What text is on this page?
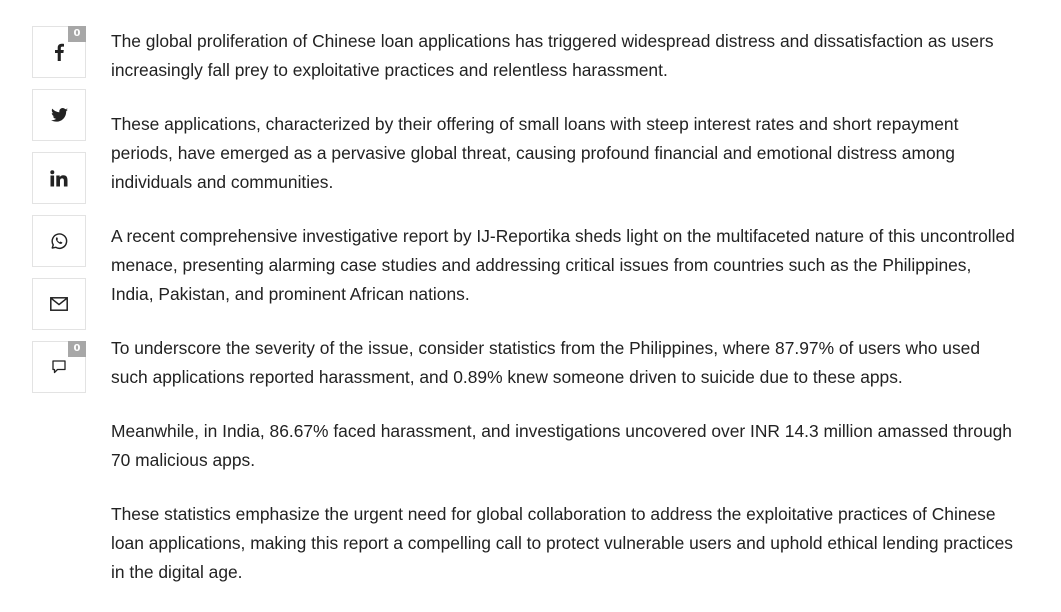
0
0

The global proliferation of Chinese loan applications has triggered widespread distress and dissatisfaction as users increasingly fall prey to exploitative practices and relentless harassment.

These applications, characterized by their offering of small loans with steep interest rates and short repayment periods, have emerged as a pervasive global threat, causing profound financial and emotional distress among individuals and communities.

A recent comprehensive investigative report by IJ-Reportika sheds light on the multifaceted nature of this uncontrolled menace, presenting alarming case studies and addressing critical issues from countries such as the Philippines, India, Pakistan, and prominent African nations.

To underscore the severity of the issue, consider statistics from the Philippines, where 87.97% of users who used such applications reported harassment, and 0.89% knew someone driven to suicide due to these apps.

Meanwhile, in India, 86.67% faced harassment, and investigations uncovered over INR 14.3 million amassed through 70 malicious apps.

These statistics emphasize the urgent need for global collaboration to address the exploitative practices of Chinese loan applications, making this report a compelling call to protect vulnerable users and uphold ethical lending practices in the digital age.
